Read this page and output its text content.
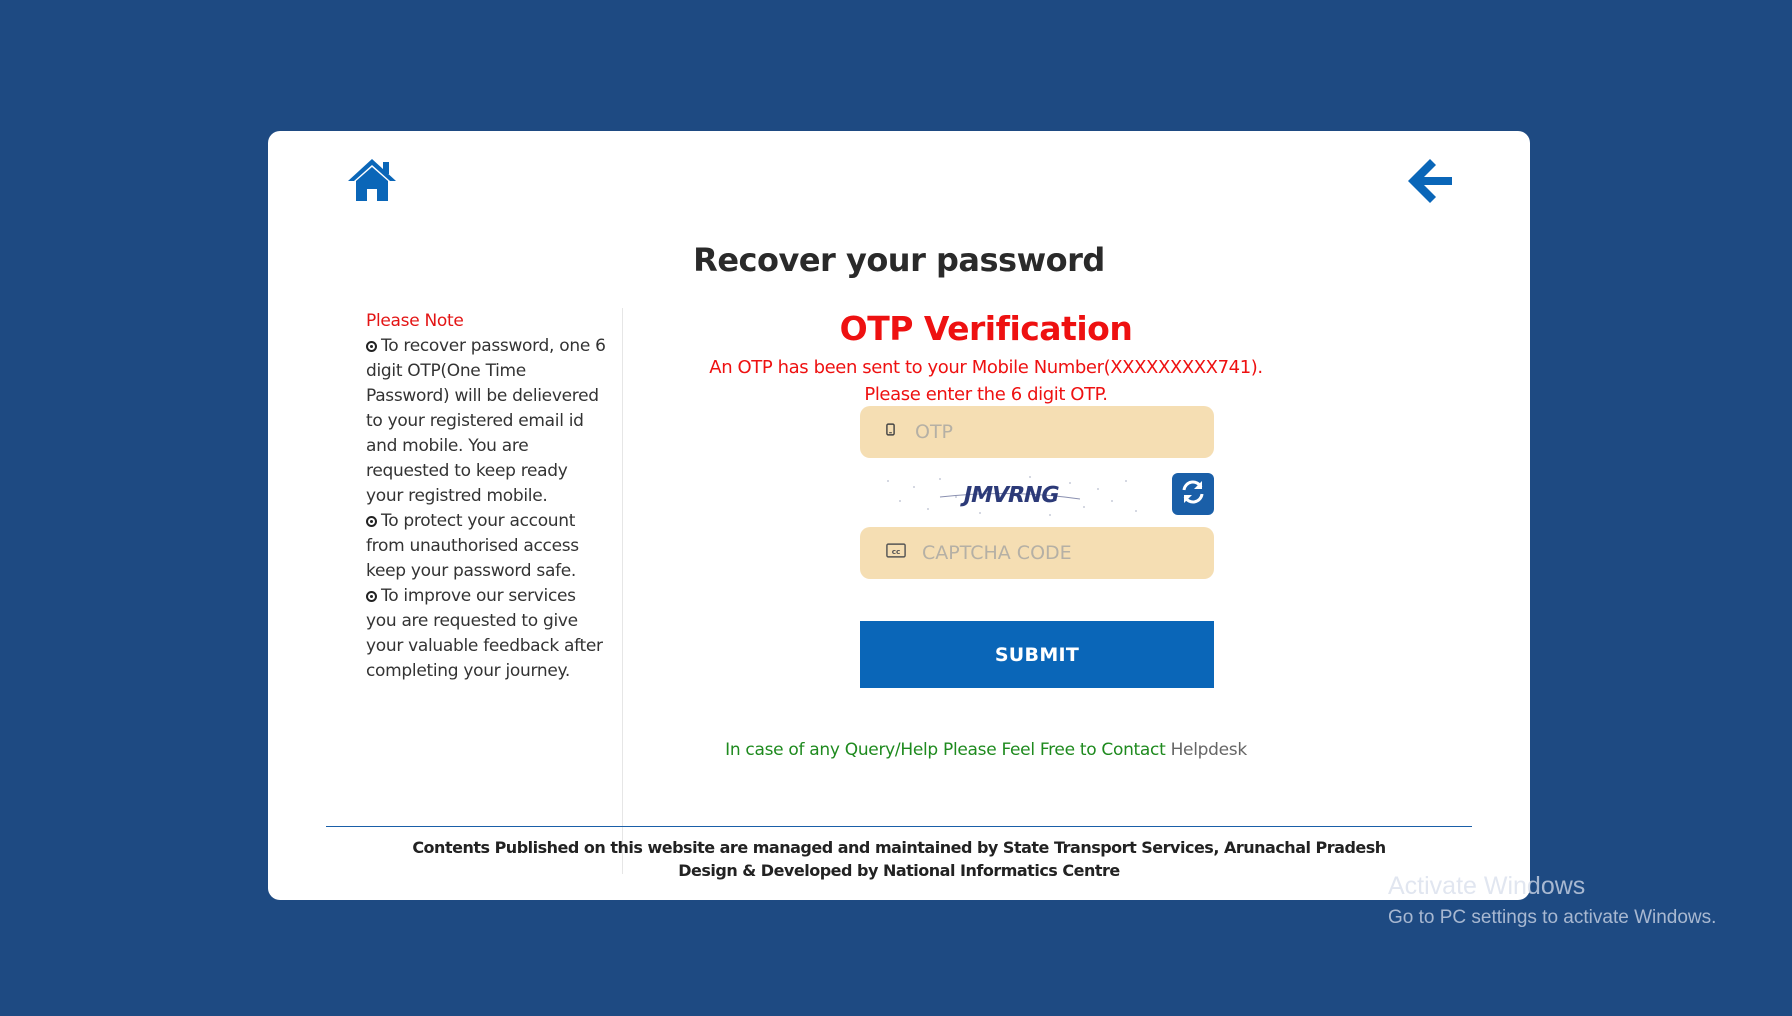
Recover your password
Please Note
To recover password, one 6 digit OTP(One Time Password) will be delievered to your registered email id and mobile. You are requested to keep ready your registred mobile.
To protect your account from unauthorised access keep your password safe.
To improve our services you are requested to give your valuable feedback after completing your journey.
OTP Verification
An OTP has been sent to your Mobile Number(XXXXXXXXX741).
Please enter the 6 digit OTP.
OTP
JMVRNG
cc
CAPTCHA CODE
SUBMIT
In case of any Query/Help Please Feel Free to Contact Helpdesk
Contents Published on this website are managed and maintained by State Transport Services, Arunachal Pradesh
Design & Developed by National Informatics Centre
Activate Windows
Go to PC settings to activate Windows.
